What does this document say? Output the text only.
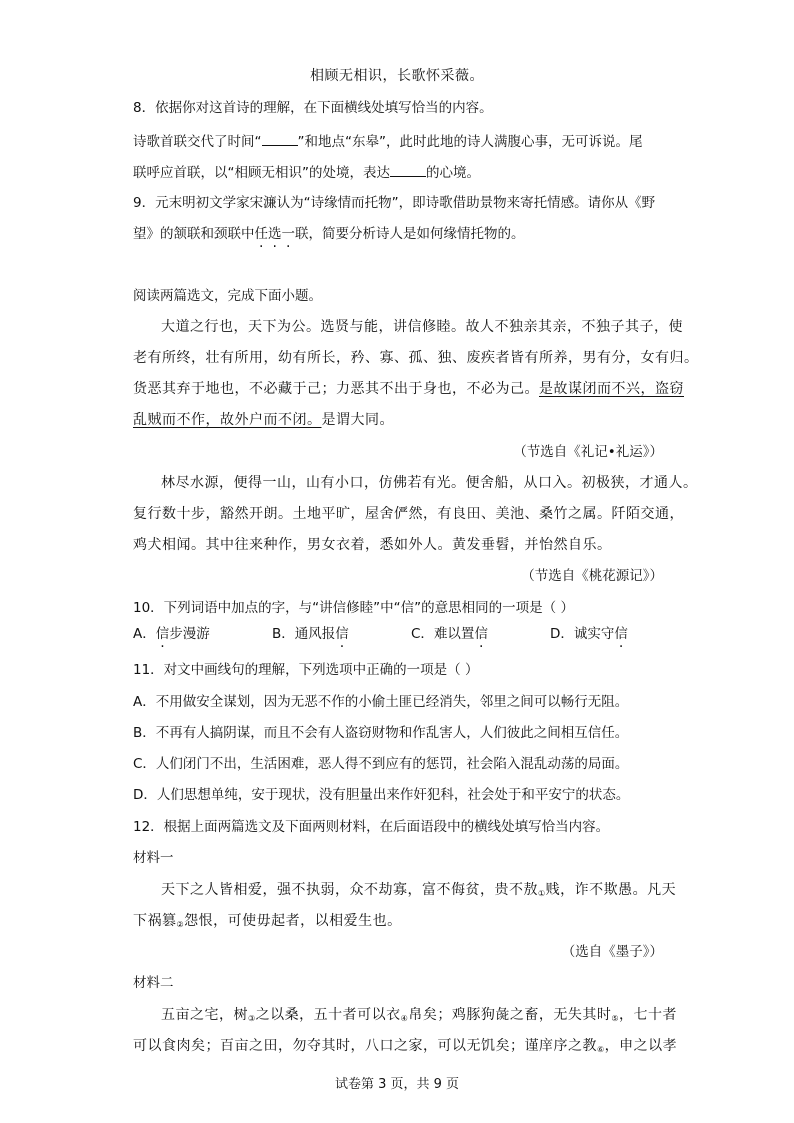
相顾无相识，长歌怀采薇。
8．依据你对这首诗的理解，在下面横线处填写恰当的内容。
诗歌首联交代了时间“	”和地点“东皋”，此时此地的诗人满腹心事，无可诉说。尾
联呼应首联，以“相顾无相识”的处境，表达	的心境。
9．元末明初文学家宋濂认为“诗缘情而托物”，即诗歌借助景物来寄托情感。请你从《野
望》的颔联和颈联中任选一联，简要分析诗人是如何缘情托物的。
阅读两篇选文，完成下面小题。
大道之行也，天下为公。选贤与能，讲信修睦。故人不独亲其亲，不独子其子，使
老有所终，壮有所用，幼有所长，矜、寡、孤、独、废疾者皆有所养，男有分，女有归。
货恶其弃于地也，不必藏于己；力恶其不出于身也，不必为己。是故谋闭而不兴，盗窃
乱贼而不作，故外户而不闭。是谓大同。
（节选自《礼记•礼运》）
林尽水源，便得一山，山有小口，仿佛若有光。便舍船，从口入。初极狭，才通人。
复行数十步，豁然开朗。土地平旷，屋舍俨然，有良田、美池、桑竹之属。阡陌交通，
鸡犬相闻。其中往来种作，男女衣着，悉如外人。黄发垂髫，并怡然自乐。
（节选自《桃花源记》）
10．下列词语中加点的字，与“讲信修睦”中“信”的意思相同的一项是（ ）
A．信步漫游	B．通风报信	C．难以置信	D．诚实守信
11．对文中画线句的理解，下列选项中正确的一项是（ ）
A．不用做安全谋划，因为无恶不作的小偷土匪已经消失，邻里之间可以畅行无阻。
B．不再有人搞阴谋，而且不会有人盗窃财物和作乱害人，人们彼此之间相互信任。
C．人们闭门不出，生活困难，恶人得不到应有的惩罚，社会陷入混乱动荡的局面。
D．人们思想单纯，安于现状，没有胆量出来作奸犯科，社会处于和平安宁的状态。
12．根据上面两篇选文及下面两则材料，在后面语段中的横线处填写恰当内容。
材料一
天下之人皆相爱，强不执弱，众不劫寡，富不侮贫，贵不敖$_①$贱，诈不欺愚。凡天
下祸篡$_②$怨恨，可使毋起者，以相爱生也。
（选自《墨子》）
材料二
五亩之宅，树$_③$之以桑，五十者可以衣$_④$帛矣；鸡豚狗彘之畜，无失其时$_⑤$，七十者
可以食肉矣；百亩之田，勿夺其时，八口之家，可以无饥矣；谨庠序之教$_⑥$，申之以孝
试卷第 3 页，共 9 页
